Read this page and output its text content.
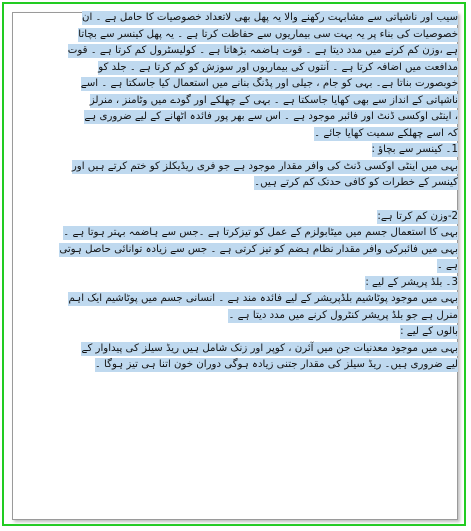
سیب اور ناشپاتی سے مشابہت رکھنے والا یہ پھل بھی لاتعداد خصوصیات کا حامل ہے ۔ ان
خصوصیات کی بناء پر یہ بہت سی بیماریوں سے حفاظت کرتا ہے ۔ یہ پھل کینسر سے بچاتا
ہے ،وزن کم کرنے میں مدد دیتا ہے ۔ قوت ہاضمہ بڑھاتا ہے ۔ کولیسٹرول کم کرتا ہے ۔ قوت
مدافعت میں اضافہ کرتا ہے ۔ آنتوں کی بیماریوں اور سوزش کو کم کرتا ہے ۔ جلد کو
خوبصورت بناتا ہے۔ بہی کو جام ، جیلی اور پڈنگ بنانے میں استعمال کیا جاسکتا ہے ۔ اسے
ناشپاتی کے انداز سے بھی کھایا جاسکتا ہے ۔ بہی کے چھلکے اور گودے میں وٹامنز ، منرلز
، اینٹی اوکسی ڈنٹ اور فائبر موجود ہے ۔ اس سے بھر پور فائدہ اٹھانے کے لیے ضروری ہے
کہ اسے چھلکے سمیت کھایا جائے ۔
1۔ کینسر سے بچاؤ :
بہی میں اینٹی اوکسی ڈنٹ کی وافر مقدار موجود ہے جو فری ریڈیکلز کو ختم کرتے ہیں اور
کینسر کے خطرات کو کافی حدتک کم کرتے ہیں۔
2-وزن کم کرتا ہے:
بہی کا استعمال جسم میں میٹابولزم کے عمل کو تیزکرتا ہے ۔جس سے ہاضمہ بہتر ہوتا ہے ۔
بہی میں فائبرکی وافر مقدار نظام ہضم کو تیز کرتی ہے ۔ جس سے زیادہ توانائی حاصل ہوتی
ہے ۔
3۔ بلڈ پریشر کے لیے :
بہی میں موجود پوٹاشیم بلڈپریشر کے لیے فائدہ مند ہے ۔ انسانی جسم میں پوٹاشیم ایک اہم
منرل ہے جو بلڈ پریشر کنٹرول کرنے میں مدد دیتا ہے ۔
بالوں کے لیے :
بہی میں موجود معدنیات جن میں آئرن ، کوپر اور زنک شامل ہیں ریڈ سیلز کی پیداوار کے
لیے ضروری ہیں۔ ریڈ سیلز کی مقدار جتنی زیادہ ہوگی دوران خون اتنا ہی تیز ہوگا ۔
